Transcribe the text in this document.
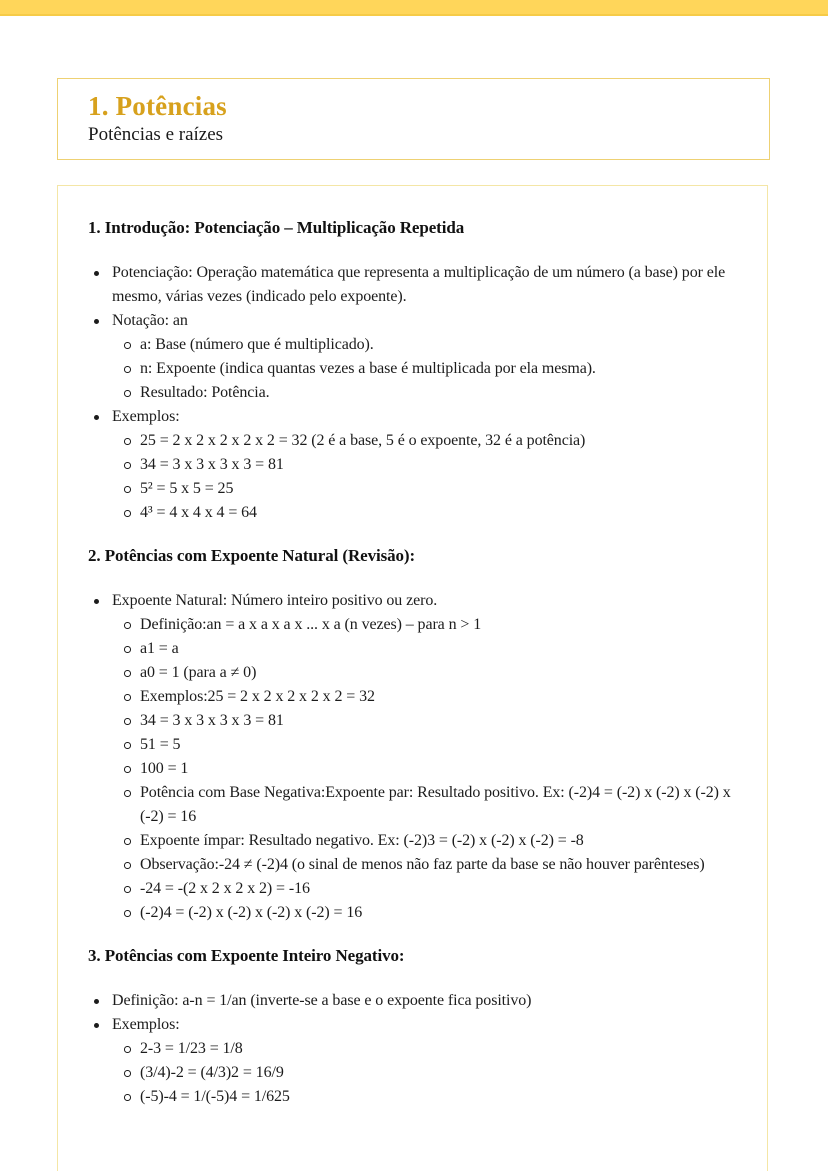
1. Potências
Potências e raízes
1. Introdução: Potenciação – Multiplicação Repetida
Potenciação: Operação matemática que representa a multiplicação de um número (a base) por ele mesmo, várias vezes (indicado pelo expoente).
Notação: an
a: Base (número que é multiplicado).
n: Expoente (indica quantas vezes a base é multiplicada por ela mesma).
Resultado: Potência.
Exemplos:
25 = 2 x 2 x 2 x 2 x 2 = 32 (2 é a base, 5 é o expoente, 32 é a potência)
34 = 3 x 3 x 3 x 3 = 81
5² = 5 x 5 = 25
4³ = 4 x 4 x 4 = 64
2. Potências com Expoente Natural (Revisão):
Expoente Natural: Número inteiro positivo ou zero.
Definição:an = a x a x a x ... x a (n vezes) – para n > 1
a1 = a
a0 = 1 (para a ≠ 0)
Exemplos:25 = 2 x 2 x 2 x 2 x 2 = 32
34 = 3 x 3 x 3 x 3 = 81
51 = 5
100 = 1
Potência com Base Negativa:Expoente par: Resultado positivo. Ex: (-2)4 = (-2) x (-2) x (-2) x (-2) = 16
Expoente ímpar: Resultado negativo. Ex: (-2)3 = (-2) x (-2) x (-2) = -8
Observação:-24 ≠ (-2)4 (o sinal de menos não faz parte da base se não houver parênteses)
-24 = -(2 x 2 x 2 x 2) = -16
(-2)4 = (-2) x (-2) x (-2) x (-2) = 16
3. Potências com Expoente Inteiro Negativo:
Definição: a-n = 1/an (inverte-se a base e o expoente fica positivo)
Exemplos:
2-3 = 1/23 = 1/8
(3/4)-2 = (4/3)2 = 16/9
(-5)-4 = 1/(-5)4 = 1/625
